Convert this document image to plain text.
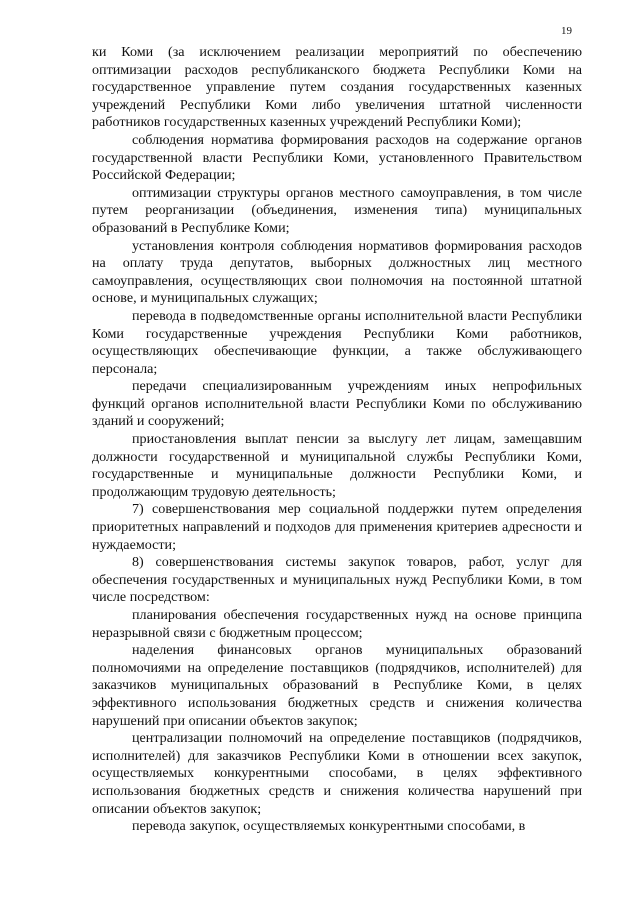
19

ки Коми (за исключением реализации мероприятий по обеспечению оптимизации расходов республиканского бюджета Республики Коми на государственное управление путем создания государственных казенных учреждений Республики Коми либо увеличения штатной численности работников государственных казенных учреждений Республики Коми);

соблюдения норматива формирования расходов на содержание органов государственной власти Республики Коми, установленного Правительством Российской Федерации;

оптимизации структуры органов местного самоуправления, в том числе путем реорганизации (объединения, изменения типа) муниципальных образований в Республике Коми;

установления контроля соблюдения нормативов формирования расходов на оплату труда депутатов, выборных должностных лиц местного самоуправления, осуществляющих свои полномочия на постоянной штатной основе, и муниципальных служащих;

перевода в подведомственные органы исполнительной власти Республики Коми государственные учреждения Республики Коми работников, осуществляющих обеспечивающие функции, а также обслуживающего персонала;

передачи специализированным учреждениям иных непрофильных функций органов исполнительной власти Республики Коми по обслуживанию зданий и сооружений;

приостановления выплат пенсии за выслугу лет лицам, замещавшим должности государственной и муниципальной службы Республики Коми, государственные и муниципальные должности Республики Коми, и продолжающим трудовую деятельность;

7) совершенствования мер социальной поддержки путем определения приоритетных направлений и подходов для применения критериев адресности и нуждаемости;

8) совершенствования системы закупок товаров, работ, услуг для обеспечения государственных и муниципальных нужд Республики Коми, в том числе посредством:

планирования обеспечения государственных нужд на основе принципа неразрывной связи с бюджетным процессом;

наделения финансовых органов муниципальных образований полномочиями на определение поставщиков (подрядчиков, исполнителей) для заказчиков муниципальных образований в Республике Коми, в целях эффективного использования бюджетных средств и снижения количества нарушений при описании объектов закупок;

централизации полномочий на определение поставщиков (подрядчиков, исполнителей) для заказчиков Республики Коми в отношении всех закупок, осуществляемых конкурентными способами, в целях эффективного использования бюджетных средств и снижения количества нарушений при описании объектов закупок;

перевода закупок, осуществляемых конкурентными способами, в
